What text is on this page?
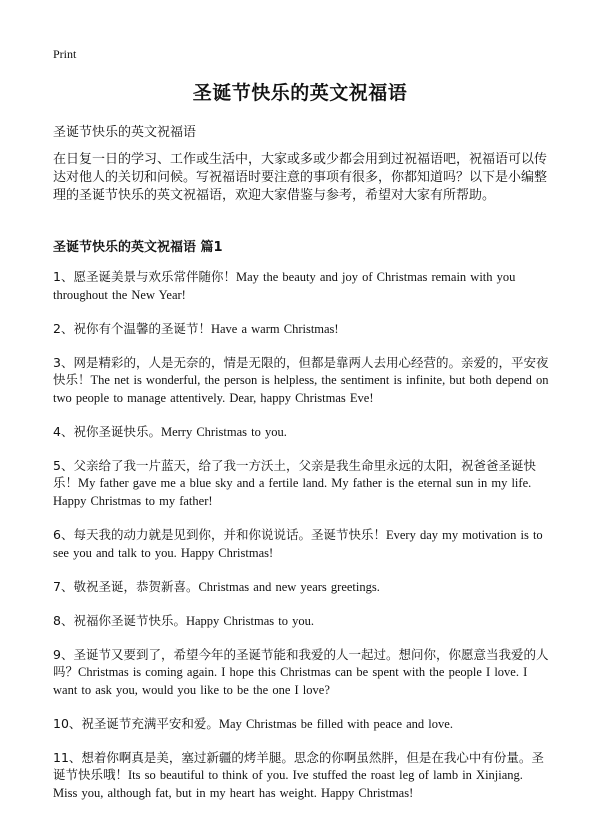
Print
圣诞节快乐的英文祝福语
圣诞节快乐的英文祝福语
在日复一日的学习、工作或生活中，大家或多或少都会用到过祝福语吧，祝福语可以传达对他人的关切和问候。写祝福语时要注意的事项有很多，你都知道吗？以下是小编整理的圣诞节快乐的英文祝福语，欢迎大家借鉴与参考，希望对大家有所帮助。
圣诞节快乐的英文祝福语 篇1
1、愿圣诞美景与欢乐常伴随你！May the beauty and joy of Christmas remain with you throughout the New Year!
2、祝你有个温馨的圣诞节！Have a warm Christmas!
3、网是精彩的，人是无奈的，情是无限的，但都是靠两人去用心经营的。亲爱的，平安夜快乐！The net is wonderful, the person is helpless, the sentiment is infinite, but both depend on two people to manage attentively. Dear, happy Christmas Eve!
4、祝你圣诞快乐。Merry Christmas to you.
5、父亲给了我一片蓝天，给了我一方沃土，父亲是我生命里永远的太阳，祝爸爸圣诞快乐！My father gave me a blue sky and a fertile land. My father is the eternal sun in my life. Happy Christmas to my father!
6、每天我的动力就是见到你，并和你说说话。圣诞节快乐！Every day my motivation is to see you and talk to you. Happy Christmas!
7、敬祝圣诞，恭贺新喜。Christmas and new years greetings.
8、祝福你圣诞节快乐。Happy Christmas to you.
9、圣诞节又要到了，希望今年的圣诞节能和我爱的人一起过。想问你，你愿意当我爱的人吗？Christmas is coming again. I hope this Christmas can be spent with the people I love. I want to ask you, would you like to be the one I love?
10、祝圣诞节充满平安和爱。May Christmas be filled with peace and love.
11、想着你啊真是美，塞过新疆的烤羊腿。思念的你啊虽然胖，但是在我心中有份量。圣诞节快乐哦！Its so beautiful to think of you. Ive stuffed the roast leg of lamb in Xinjiang. Miss you, although fat, but in my heart has weight. Happy Christmas!
